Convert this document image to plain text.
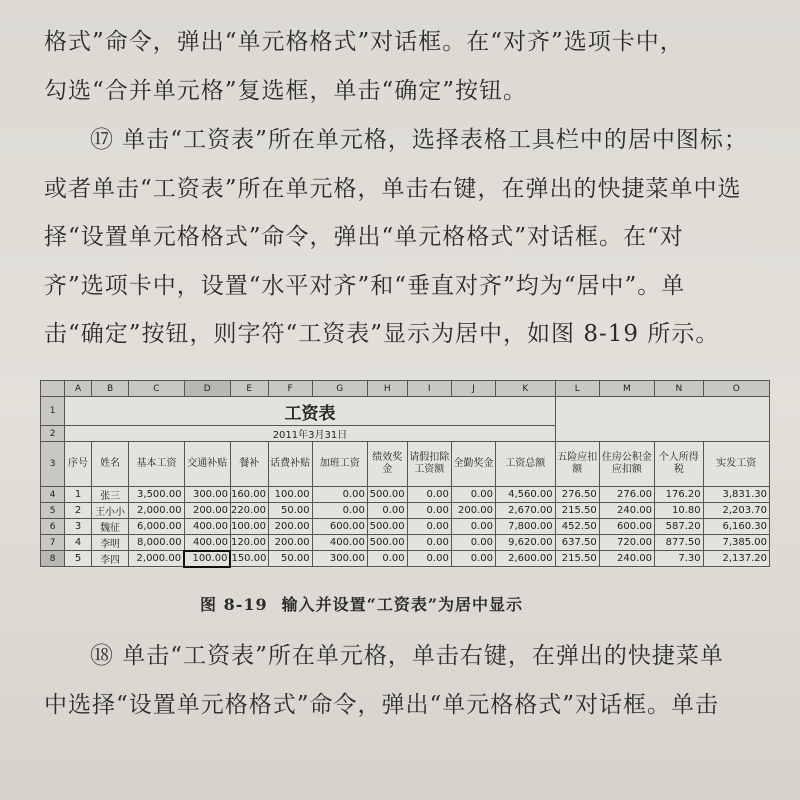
格式”命令，弹出“单元格格式”对话框。在“对齐”选项卡中，

勾选“合并单元格”复选框，单击“确定”按钮。

⑰ 单击“工资表”所在单元格，选择表格工具栏中的居中图标；

或者单击“工资表”所在单元格，单击右键，在弹出的快捷菜单中选

择“设置单元格格式”命令，弹出“单元格格式”对话框。在“对

齐”选项卡中，设置“水平对齐”和“垂直对齐”均为“居中”。单

击“确定”按钮，则字符“工资表”显示为居中，如图 8-19 所示。

	A	B	C	D	E	F	G	H	I	J	K	L	M	N	O
1	工资表														
2	2011年3月31日														
3	序号	姓名	基本工资	交通补贴	餐补	话费补贴	加班工资	绩效奖金	请假扣除工资额	全勤奖金	工资总额	五险应扣额	住房公积金应扣额	个人所得税	实发工资
4	1	张三	3,500.00	300.00	160.00	100.00	0.00	500.00	0.00	0.00	4,560.00	276.50	276.00	176.20	3,831.30
5	2	王小小	2,000.00	200.00	220.00	50.00	0.00	0.00	0.00	200.00	2,670.00	215.50	240.00	10.80	2,203.70
6	3	魏征	6,000.00	400.00	100.00	200.00	600.00	500.00	0.00	0.00	7,800.00	452.50	600.00	587.20	6,160.30
7	4	李明	8,000.00	400.00	120.00	200.00	400.00	500.00	0.00	0.00	9,620.00	637.50	720.00	877.50	7,385.00
8	5	李四	2,000.00	100.00	150.00	50.00	300.00	0.00	0.00	0.00	2,600.00	215.50	240.00	7.30	2,137.20
图 8-19 输入并设置“工资表”为居中显示

⑱ 单击“工资表”所在单元格，单击右键，在弹出的快捷菜单

中选择“设置单元格格式”命令，弹出“单元格格式”对话框。单击
